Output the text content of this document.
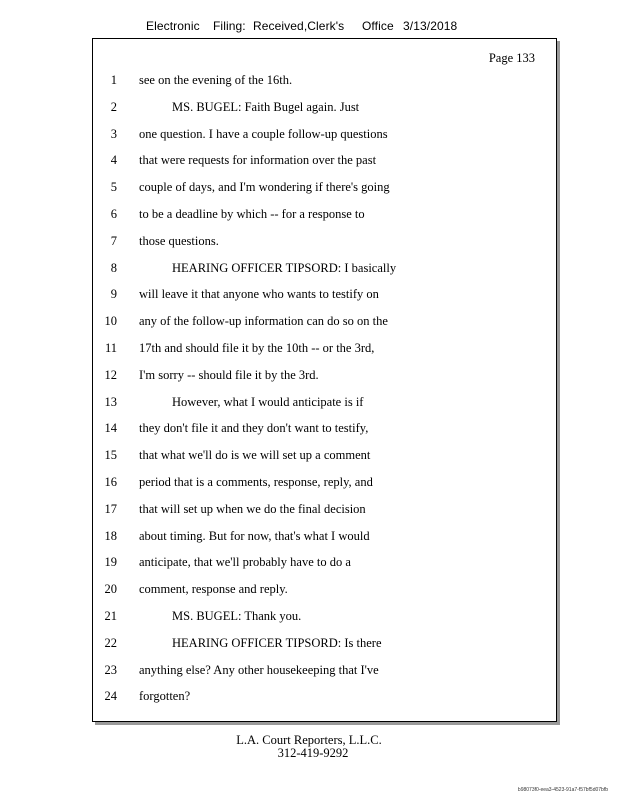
Electronic Filing: Received,Clerk's Office 3/13/2018
Page 133
1 see on the evening of the 16th.
2	MS. BUGEL: Faith Bugel again. Just
3 one question. I have a couple follow-up questions
4 that were requests for information over the past
5 couple of days, and I'm wondering if there's going
6 to be a deadline by which -- for a response to
7 those questions.
8	HEARING OFFICER TIPSORD: I basically
9 will leave it that anyone who wants to testify on
10 any of the follow-up information can do so on the
11 17th and should file it by the 10th -- or the 3rd,
12 I'm sorry -- should file it by the 3rd.
13	However, what I would anticipate is if
14 they don't file it and they don't want to testify,
15 that what we'll do is we will set up a comment
16 period that is a comments, response, reply, and
17 that will set up when we do the final decision
18 about timing. But for now, that's what I would
19 anticipate, that we'll probably have to do a
20 comment, response and reply.
21	MS. BUGEL: Thank you.
22	HEARING OFFICER TIPSORD: Is there
23 anything else? Any other housekeeping that I've
24 forgotten?
L.A. Court Reporters, L.L.C.
312-419-9292
b98073f0-eea3-4523-91a7-f57bf5d07bfb
